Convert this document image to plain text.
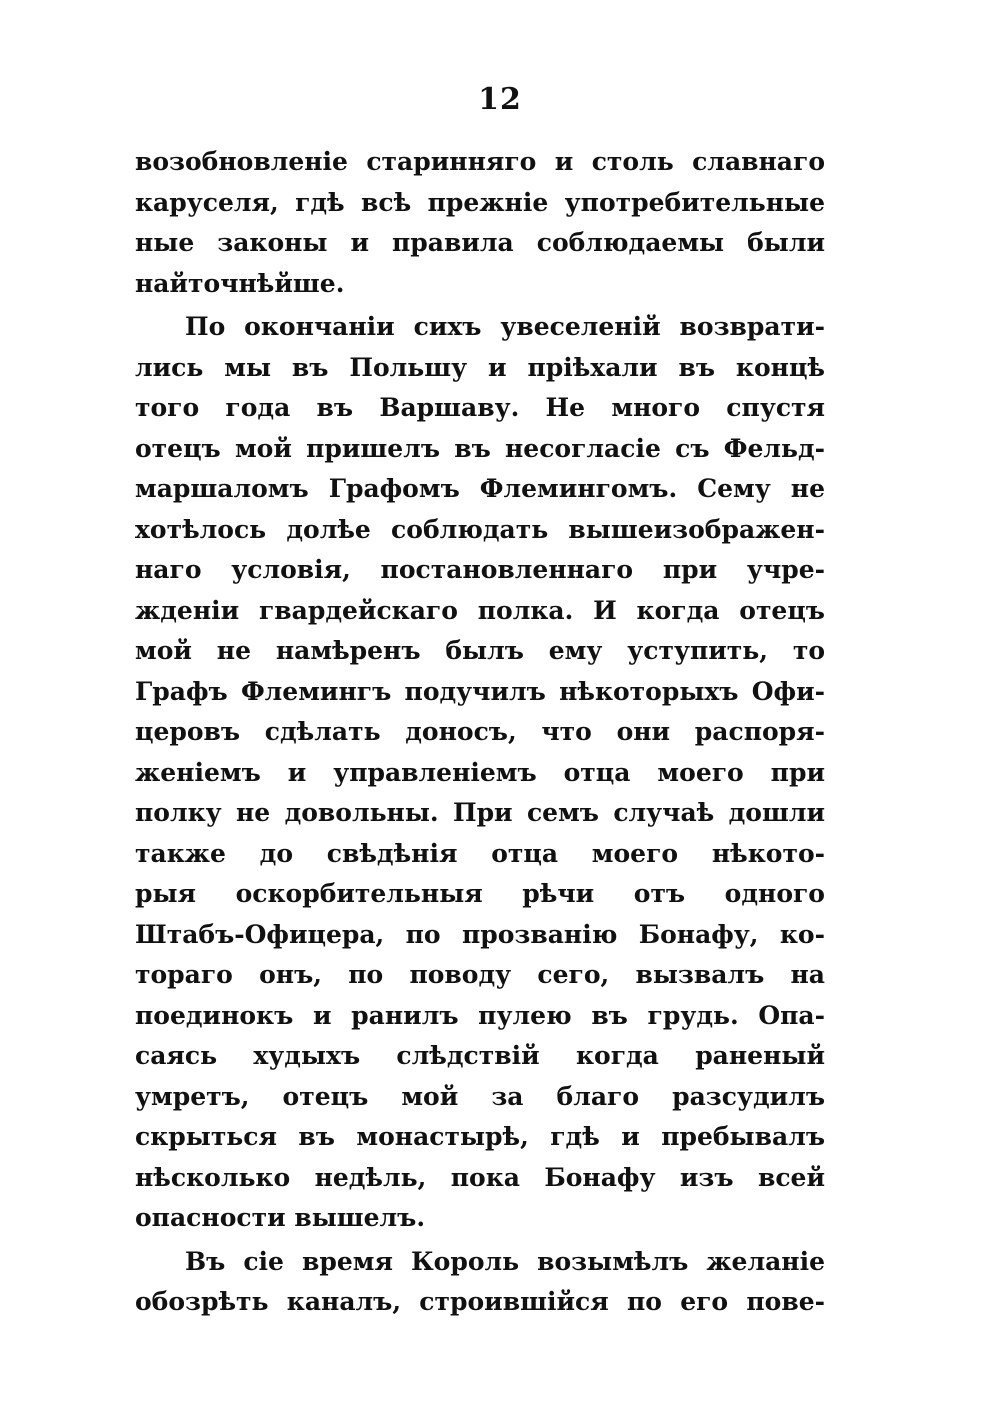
12
возобновленіе старинняго и столь славнаго
каруселя, гдѣ всѣ прежніе употребительные
ные законы и правила соблюдаемы были
найточнѣйше.
По окончаніи сихъ увеселеній возврати-
лись мы въ Польшу и пріѣхали въ концѣ
того года въ Варшаву. Не много спустя
отецъ мой пришелъ въ несогласіе съ Фельд-
маршаломъ Графомъ Флемингомъ. Сему не
хотѣлось долѣе соблюдать вышеизображен-
наго условія, постановленнаго при учре-
жденіи гвардейскаго полка. И когда отецъ
мой не намѣренъ былъ ему уступить, то
Графъ Флемингъ подучилъ нѣкоторыхъ Офи-
церовъ сдѣлать доносъ, что они распоря-
женіемъ и управленіемъ отца моего при
полку не довольны. При семъ случаѣ дошли
также до свѣдѣнія отца моего нѣкото-
рыя оскорбительныя рѣчи отъ одного
Штабъ-Офицера, по прозванію Бонафу, ко-
тораго онъ, по поводу сего, вызвалъ на
поединокъ и ранилъ пулею въ грудь. Опа-
саясь худыхъ слѣдствій когда раненый
умретъ, отецъ мой за благо разсудилъ
скрыться въ монастырѣ, гдѣ и пребывалъ
нѣсколько недѣль, пока Бонафу изъ всей
опасности вышелъ.
Въ сіе время Король возымѣлъ желаніе
обозрѣть каналъ, строившійся по его пове-
